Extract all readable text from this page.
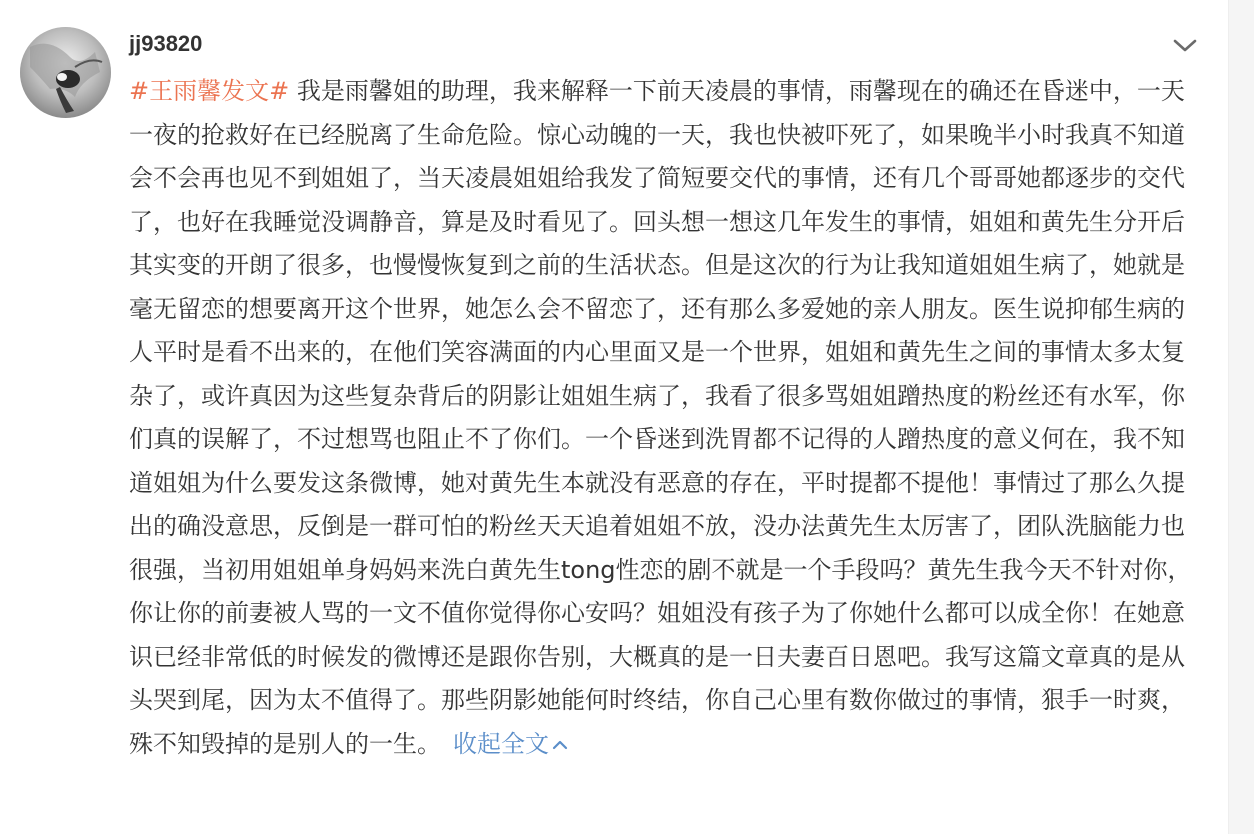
jj93820
#王雨馨发文# 我是雨馨姐的助理，我来解释一下前天凌晨的事情，雨馨现在的确还在昏迷中，一天一夜的抢救好在已经脱离了生命危险。惊心动魄的一天，我也快被吓死了，如果晚半小时我真不知道会不会再也见不到姐姐了，当天凌晨姐姐给我发了简短要交代的事情，还有几个哥哥她都逐步的交代了，也好在我睡觉没调静音，算是及时看见了。回头想一想这几年发生的事情，姐姐和黄先生分开后其实变的开朗了很多，也慢慢恢复到之前的生活状态。但是这次的行为让我知道姐姐生病了，她就是毫无留恋的想要离开这个世界，她怎么会不留恋了，还有那么多爱她的亲人朋友。医生说抑郁生病的人平时是看不出来的，在他们笑容满面的内心里面又是一个世界，姐姐和黄先生之间的事情太多太复杂了，或许真因为这些复杂背后的阴影让姐姐生病了，我看了很多骂姐姐蹭热度的粉丝还有水军，你们真的误解了，不过想骂也阻止不了你们。一个昏迷到洗胃都不记得的人蹭热度的意义何在，我不知道姐姐为什么要发这条微博，她对黄先生本就没有恶意的存在，平时提都不提他！事情过了那么久提出的确没意思，反倒是一群可怕的粉丝天天追着姐姐不放，没办法黄先生太厉害了，团队洗脑能力也很强，当初用姐姐单身妈妈来洗白黄先生tong性恋的剧不就是一个手段吗？黄先生我今天不针对你，你让你的前妻被人骂的一文不值你觉得你心安吗？姐姐没有孩子为了你她什么都可以成全你！在她意识已经非常低的时候发的微博还是跟你告别，大概真的是一日夫妻百日恩吧。我写这篇文章真的是从头哭到尾，因为太不值得了。那些阴影她能何时终结，你自己心里有数你做过的事情，狠手一时爽，殊不知毁掉的是别人的一生。 收起全文
